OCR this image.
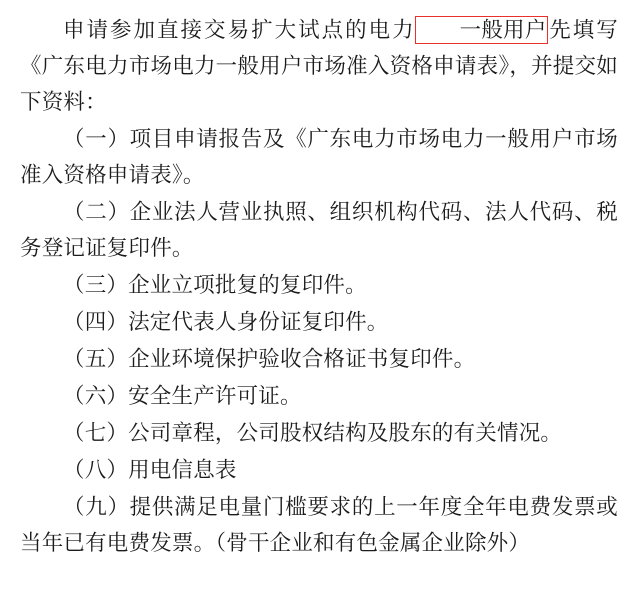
申请参加直接交易扩大试点的电力 一般用户先填写《广东电力市场电力一般用户市场准入资格申请表》，并提交如下资料：
（一）项目申请报告及《广东电力市场电力一般用户市场准入资格申请表》。
（二）企业法人营业执照、组织机构代码、法人代码、税务登记证复印件。
（三）企业立项批复的复印件。
（四）法定代表人身份证复印件。
（五）企业环境保护验收合格证书复印件。
（六）安全生产许可证。
（七）公司章程，公司股权结构及股东的有关情况。
（八）用电信息表
（九）提供满足电量门槛要求的上一年度全年电费发票或当年已有电费发票。（骨干企业和有色金属企业除外）
